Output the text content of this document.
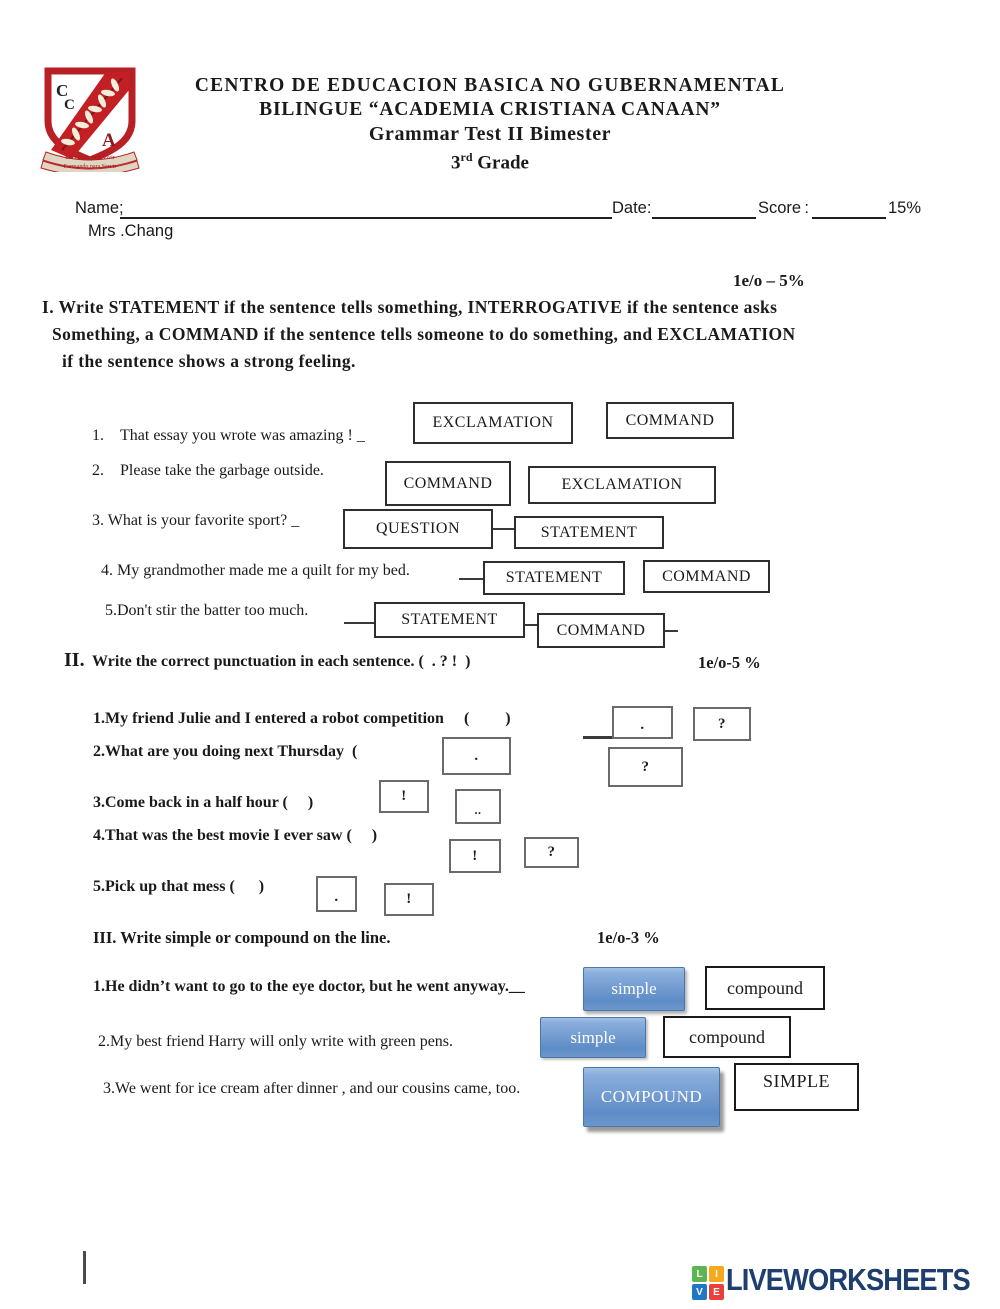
C
C
A
Educando para Vivir
Formando para Servir
CENTRO DE EDUCACION BASICA NO GUBERNAMENTAL
BILINGUE “ACADEMIA CRISTIANA CANAAN”
Grammar Test II Bimester
3rd Grade
Name;	Date:	Score :	15%
Mrs .Chang
1e/o – 5%
I. Write STATEMENT if the sentence tells something, INTERROGATIVE if the sentence asks
Something, a COMMAND if the sentence tells someone to do something, and EXCLAMATION
if the sentence shows a strong feeling.
1.    That essay you wrote was amazing ! _
EXCLAMATION	COMMAND
2.    Please take the garbage outside.
COMMAND	EXCLAMATION
3. What is your favorite sport? _	QUESTION	STATEMENT
4. My grandmother made me a quilt for my bed.	STATEMENT	COMMAND
5.Don't stir the batter too much.
STATEMENT
COMMAND
II. Write the correct punctuation in each sentence. (  . ? !  )	1e/o-5 %
1.My friend Julie and I entered a robot competition     (         )	.	?
2.What are you doing next Thursday  (	.
?
3.Come back in a half hour (     )	!
..
4.That was the best movie I ever saw (     )
!	?
5.Pick up that mess (      )
.	!
III. Write simple or compound on the line.	1e/o-3 %
1.He didn’t want to go to the eye doctor, but he went anyway.__	simple	compound
2.My best friend Harry will only write with green pens.	simple	compound
3.We went for ice cream after dinner , and our cousins came, too.	COMPOUND
SIMPLE
L	I
V	E LIVEWORKSHEETS
